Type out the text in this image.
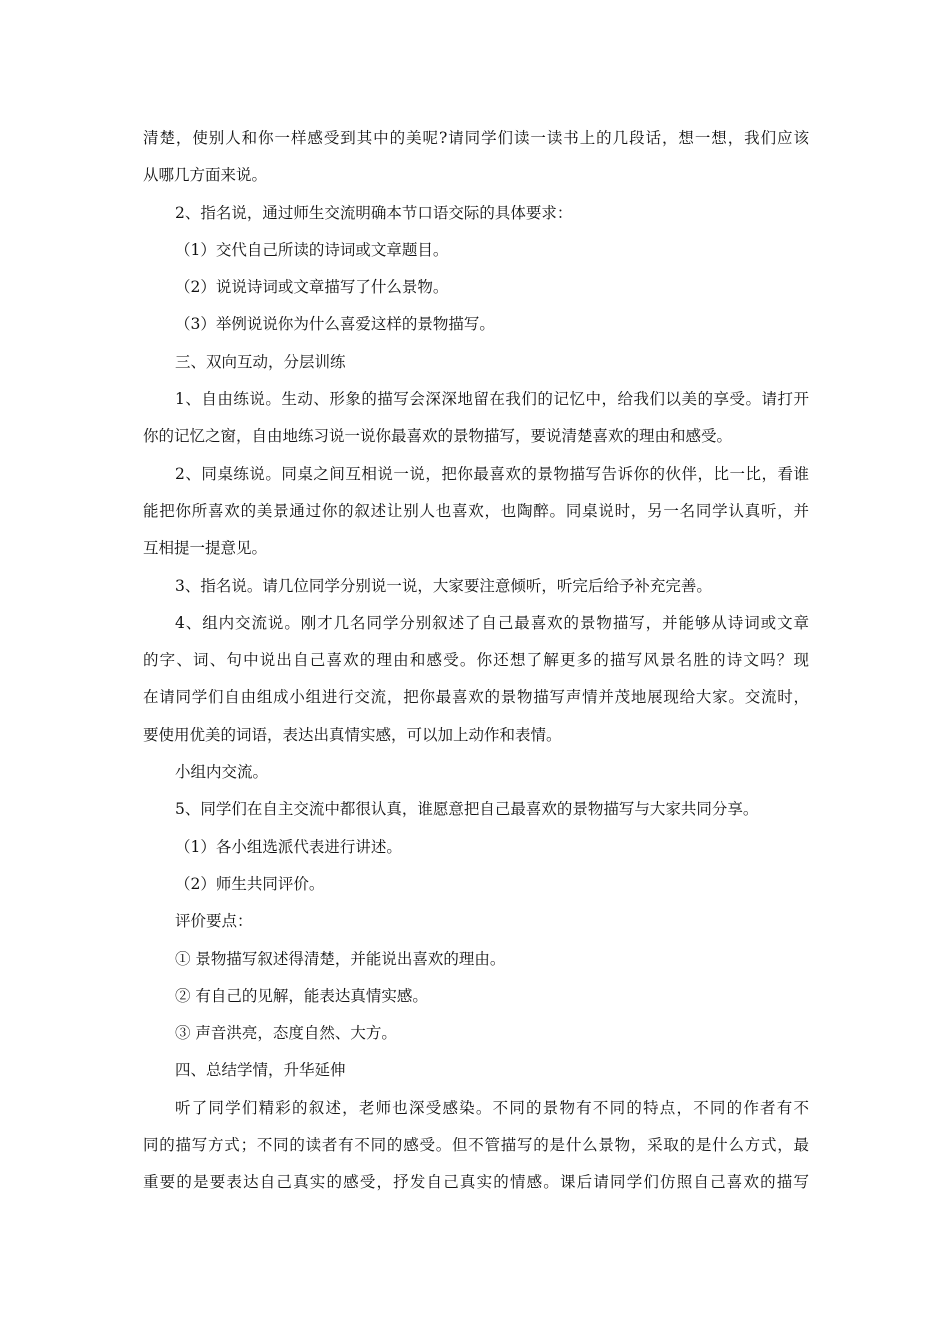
清楚，使别人和你一样感受到其中的美呢?请同学们读一读书上的几段话，想一想，我们应该
从哪几方面来说。
2、指名说，通过师生交流明确本节口语交际的具体要求：
（1）交代自己所读的诗词或文章题目。
（2）说说诗词或文章描写了什么景物。
（3）举例说说你为什么喜爱这样的景物描写。
三、双向互动，分层训练
1、自由练说。生动、形象的描写会深深地留在我们的记忆中，给我们以美的享受。请打开
你的记忆之窗，自由地练习说一说你最喜欢的景物描写，要说清楚喜欢的理由和感受。
2、同桌练说。同桌之间互相说一说，把你最喜欢的景物描写告诉你的伙伴，比一比，看谁
能把你所喜欢的美景通过你的叙述让别人也喜欢，也陶醉。同桌说时，另一名同学认真听，并
互相提一提意见。
3、指名说。请几位同学分别说一说，大家要注意倾听，听完后给予补充完善。
4、组内交流说。刚才几名同学分别叙述了自己最喜欢的景物描写，并能够从诗词或文章
的字、词、句中说出自己喜欢的理由和感受。你还想了解更多的描写风景名胜的诗文吗？现
在请同学们自由组成小组进行交流，把你最喜欢的景物描写声情并茂地展现给大家。交流时，
要使用优美的词语，表达出真情实感，可以加上动作和表情。
小组内交流。
5、同学们在自主交流中都很认真，谁愿意把自己最喜欢的景物描写与大家共同分享。
（1）各小组选派代表进行讲述。
（2）师生共同评价。
评价要点：
① 景物描写叙述得清楚，并能说出喜欢的理由。
② 有自己的见解，能表达真情实感。
③ 声音洪亮，态度自然、大方。
四、总结学情，升华延伸
听了同学们精彩的叙述，老师也深受感染。不同的景物有不同的特点，不同的作者有不
同的描写方式；不同的读者有不同的感受。但不管描写的是什么景物，采取的是什么方式，最
重要的是要表达自己真实的感受，抒发自己真实的情感。课后请同学们仿照自己喜欢的描写
